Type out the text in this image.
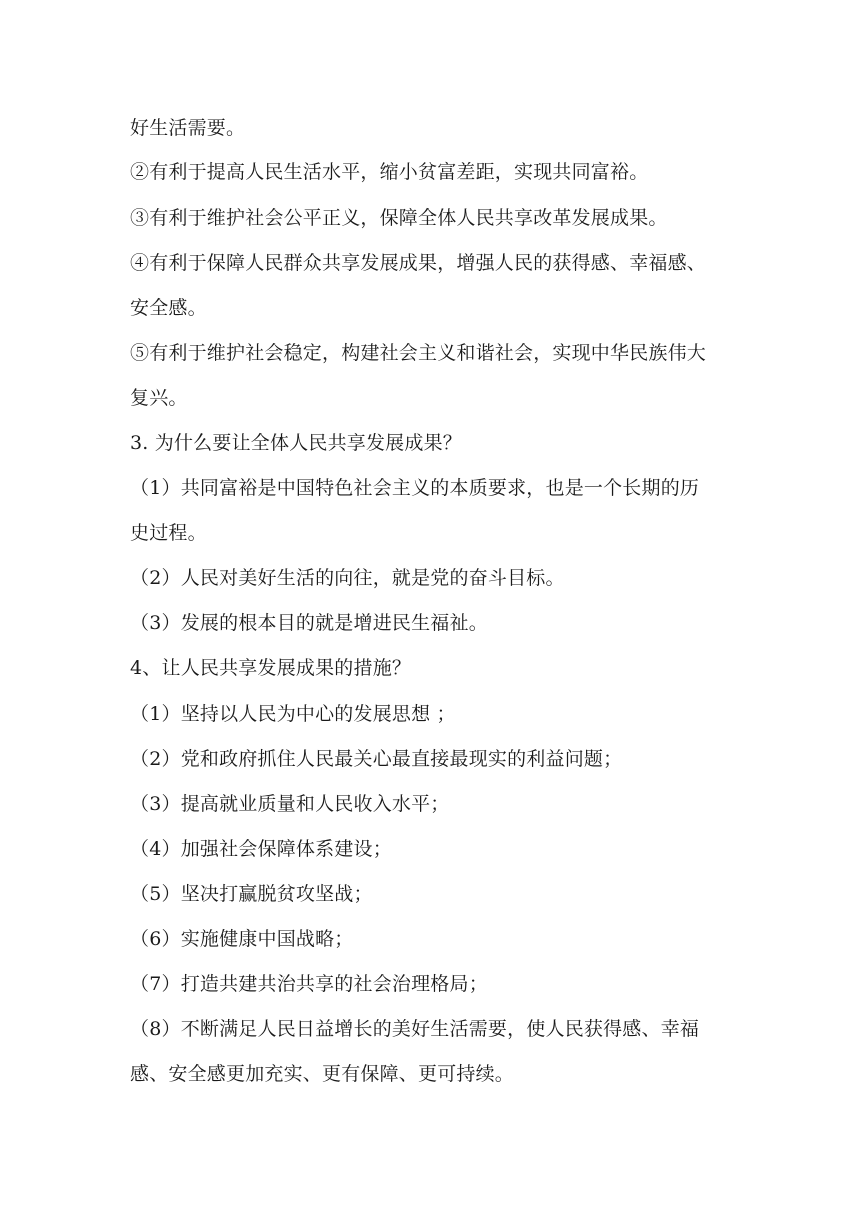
好生活需要。
②有利于提高人民生活水平，缩小贫富差距，实现共同富裕。
③有利于维护社会公平正义，保障全体人民共享改革发展成果。
④有利于保障人民群众共享发展成果，增强人民的获得感、幸福感、
安全感。
⑤有利于维护社会稳定，构建社会主义和谐社会，实现中华民族伟大
复兴。
3. 为什么要让全体人民共享发展成果？
（1）共同富裕是中国特色社会主义的本质要求，也是一个长期的历
史过程。
（2）人民对美好生活的向往，就是党的奋斗目标。
（3）发展的根本目的就是增进民生福祉。
4、让人民共享发展成果的措施？
（1）坚持以人民为中心的发展思想 ；
（2）党和政府抓住人民最关心最直接最现实的利益问题；
（3）提高就业质量和人民收入水平；
（4）加强社会保障体系建设；
（5）坚决打赢脱贫攻坚战；
（6）实施健康中国战略；
（7）打造共建共治共享的社会治理格局；
（8）不断满足人民日益增长的美好生活需要，使人民获得感、幸福
感、安全感更加充实、更有保障、更可持续。
